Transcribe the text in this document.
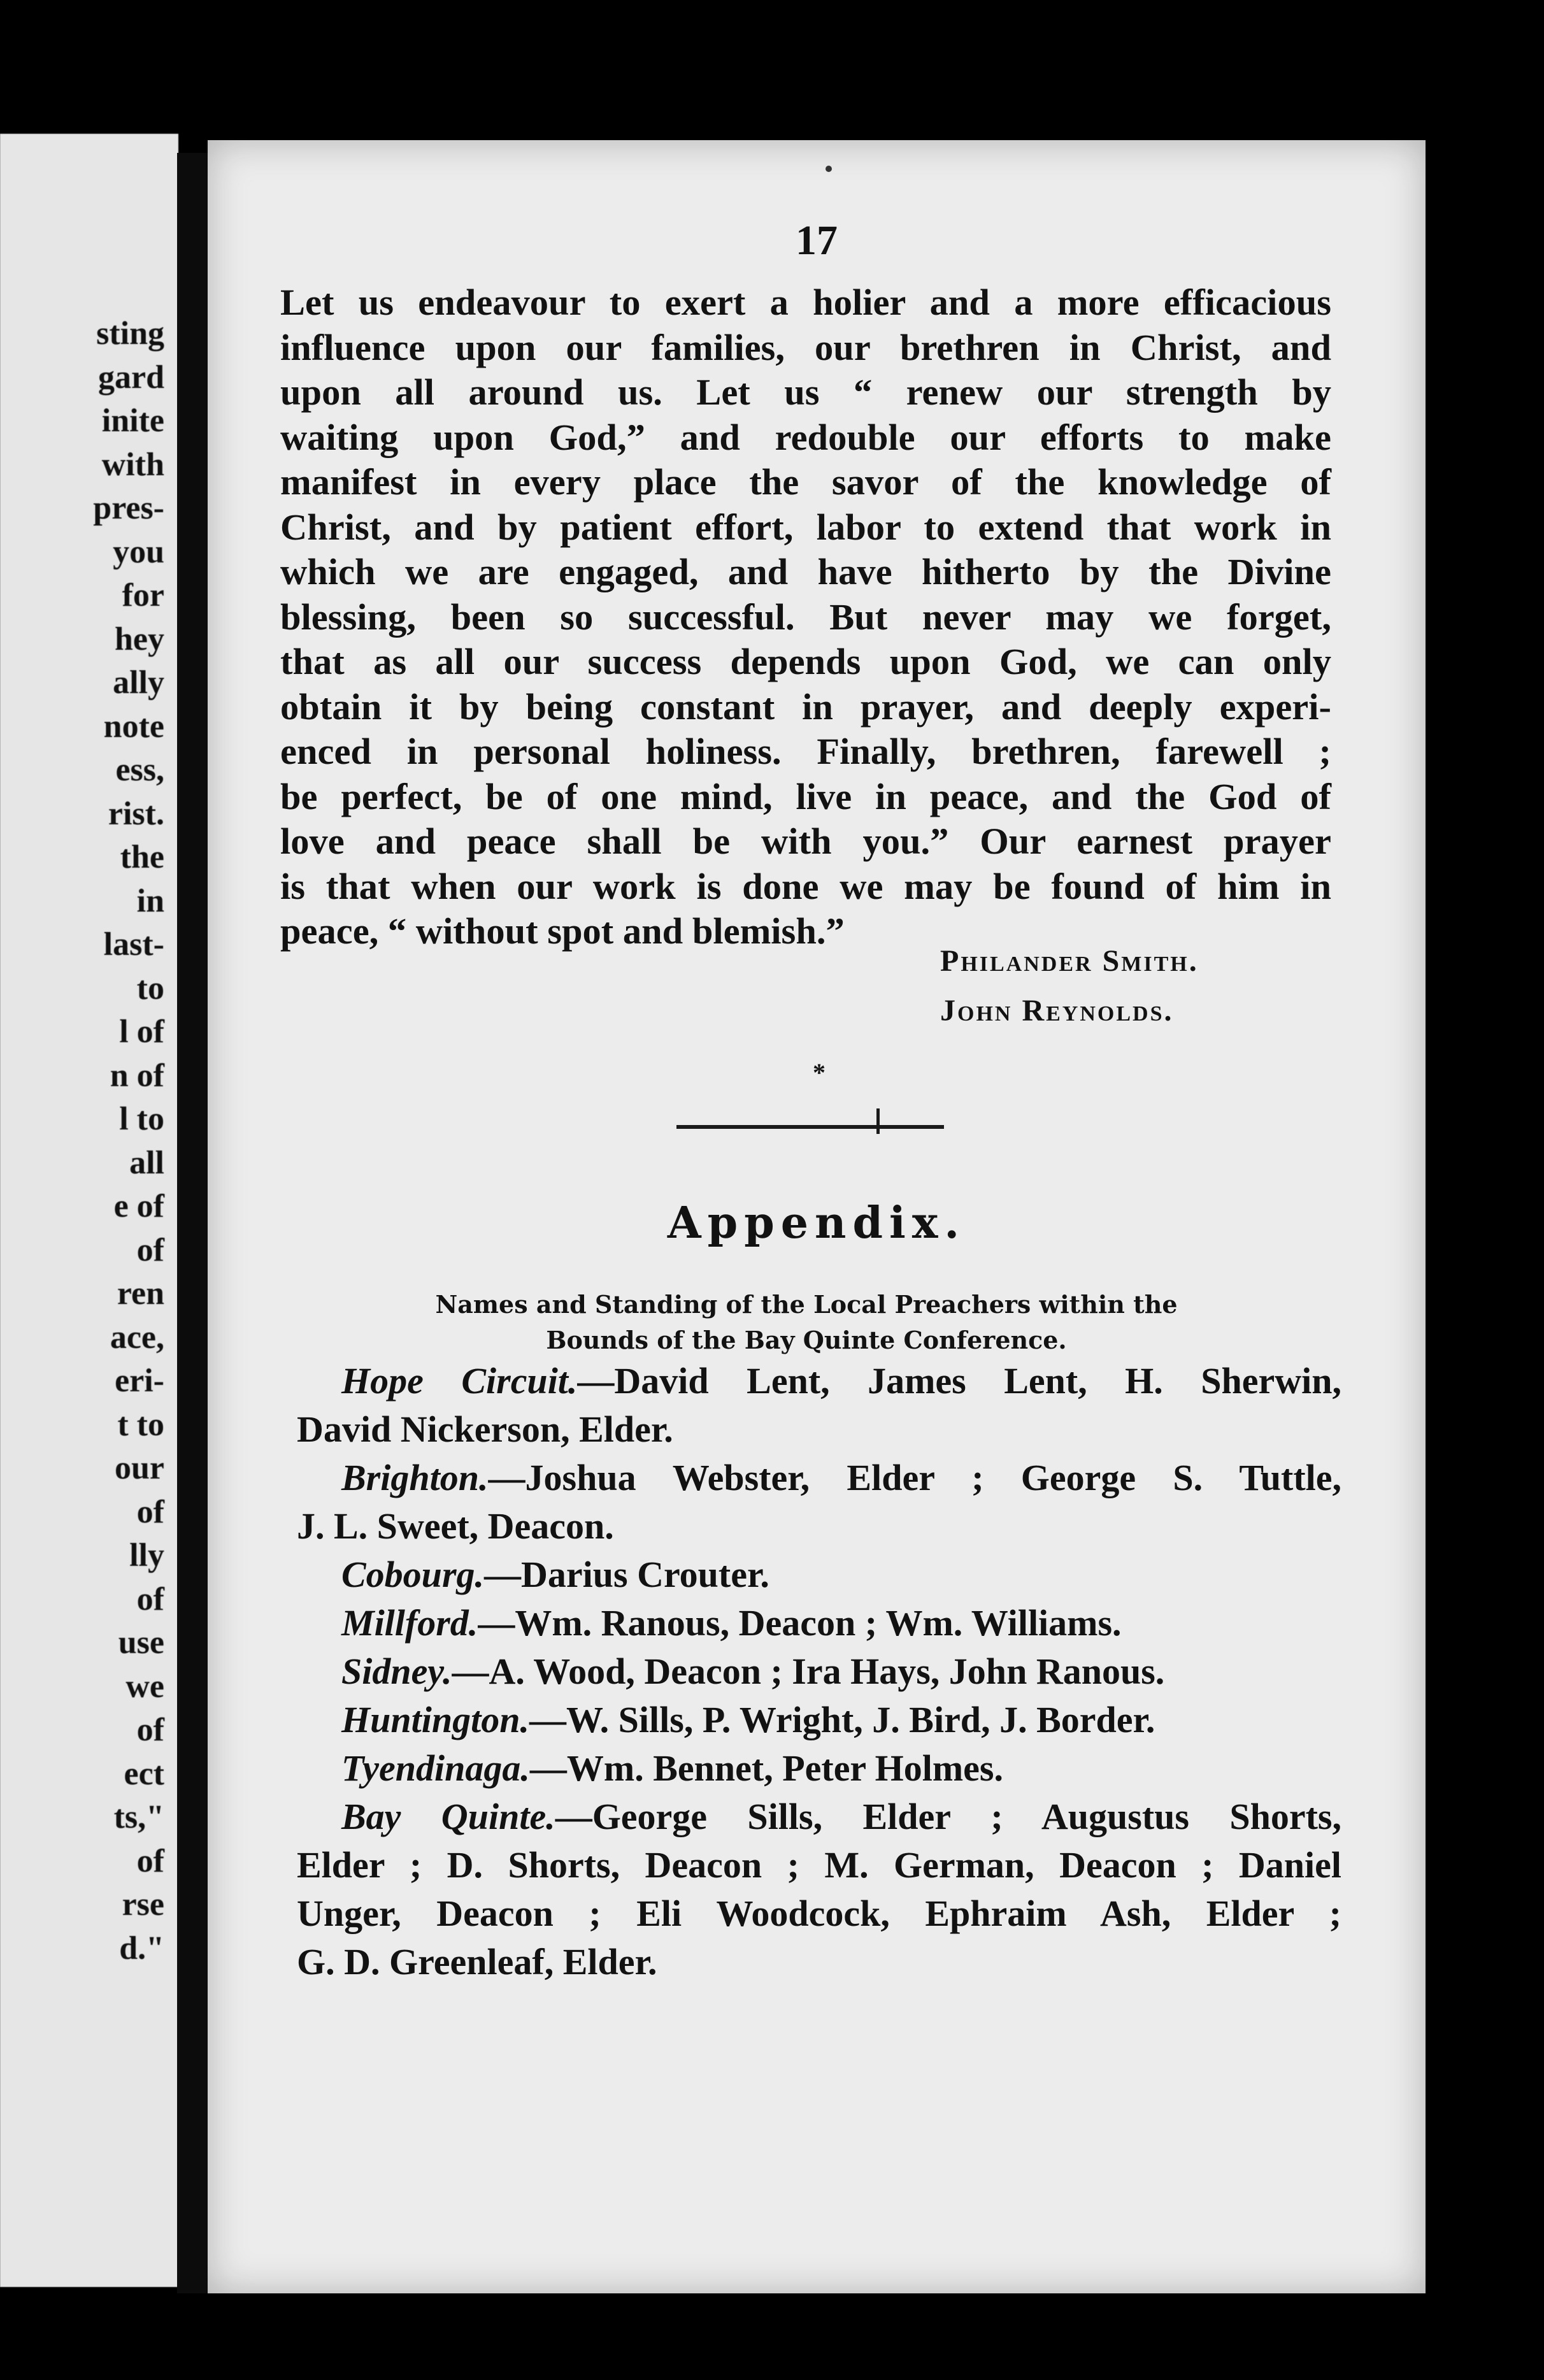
sting
gard
inite
with
pres-
you
for
hey
ally
note
ess,
rist.
the
in
last-
to
l of
n of
l to
all
e of
of
ren
ace,
eri-
t to
our
of
lly
of
use
we
of
ect
ts,"
of
rse
d."
17
Let us endeavour to exert a holier and a more efficacious
influence upon our families, our brethren in Christ, and
upon all around us. Let us “ renew our strength by
waiting upon God,” and redouble our efforts to make
manifest in every place the savor of the knowledge of
Christ, and by patient effort, labor to extend that work in
which we are engaged, and have hitherto by the Divine
blessing, been so successful. But never may we forget,
that as all our success depends upon God, we can only
obtain it by being constant in prayer, and deeply experi-
enced in personal holiness. Finally, brethren, farewell ;
be perfect, be of one mind, live in peace, and the God of
love and peace shall be with you.” Our earnest prayer
is that when our work is done we may be found of him in
peace, “ without spot and blemish.”
Philander Smith.
John Reynolds.
*
Appendix.
Names and Standing of the Local Preachers within the
Bounds of the Bay Quinte Conference.
Hope Circuit.—David Lent, James Lent, H. Sherwin,
David Nickerson, Elder.
Brighton.—Joshua Webster, Elder ; George S. Tuttle,
J. L. Sweet, Deacon.
Cobourg.—Darius Crouter.
Millford.—Wm. Ranous, Deacon ; Wm. Williams.
Sidney.—A. Wood, Deacon ; Ira Hays, John Ranous.
Huntington.—W. Sills, P. Wright, J. Bird, J. Border.
Tyendinaga.—Wm. Bennet, Peter Holmes.
Bay Quinte.—George Sills, Elder ; Augustus Shorts,
Elder ; D. Shorts, Deacon ; M. German, Deacon ; Daniel
Unger, Deacon ; Eli Woodcock, Ephraim Ash, Elder ;
G. D. Greenleaf, Elder.
